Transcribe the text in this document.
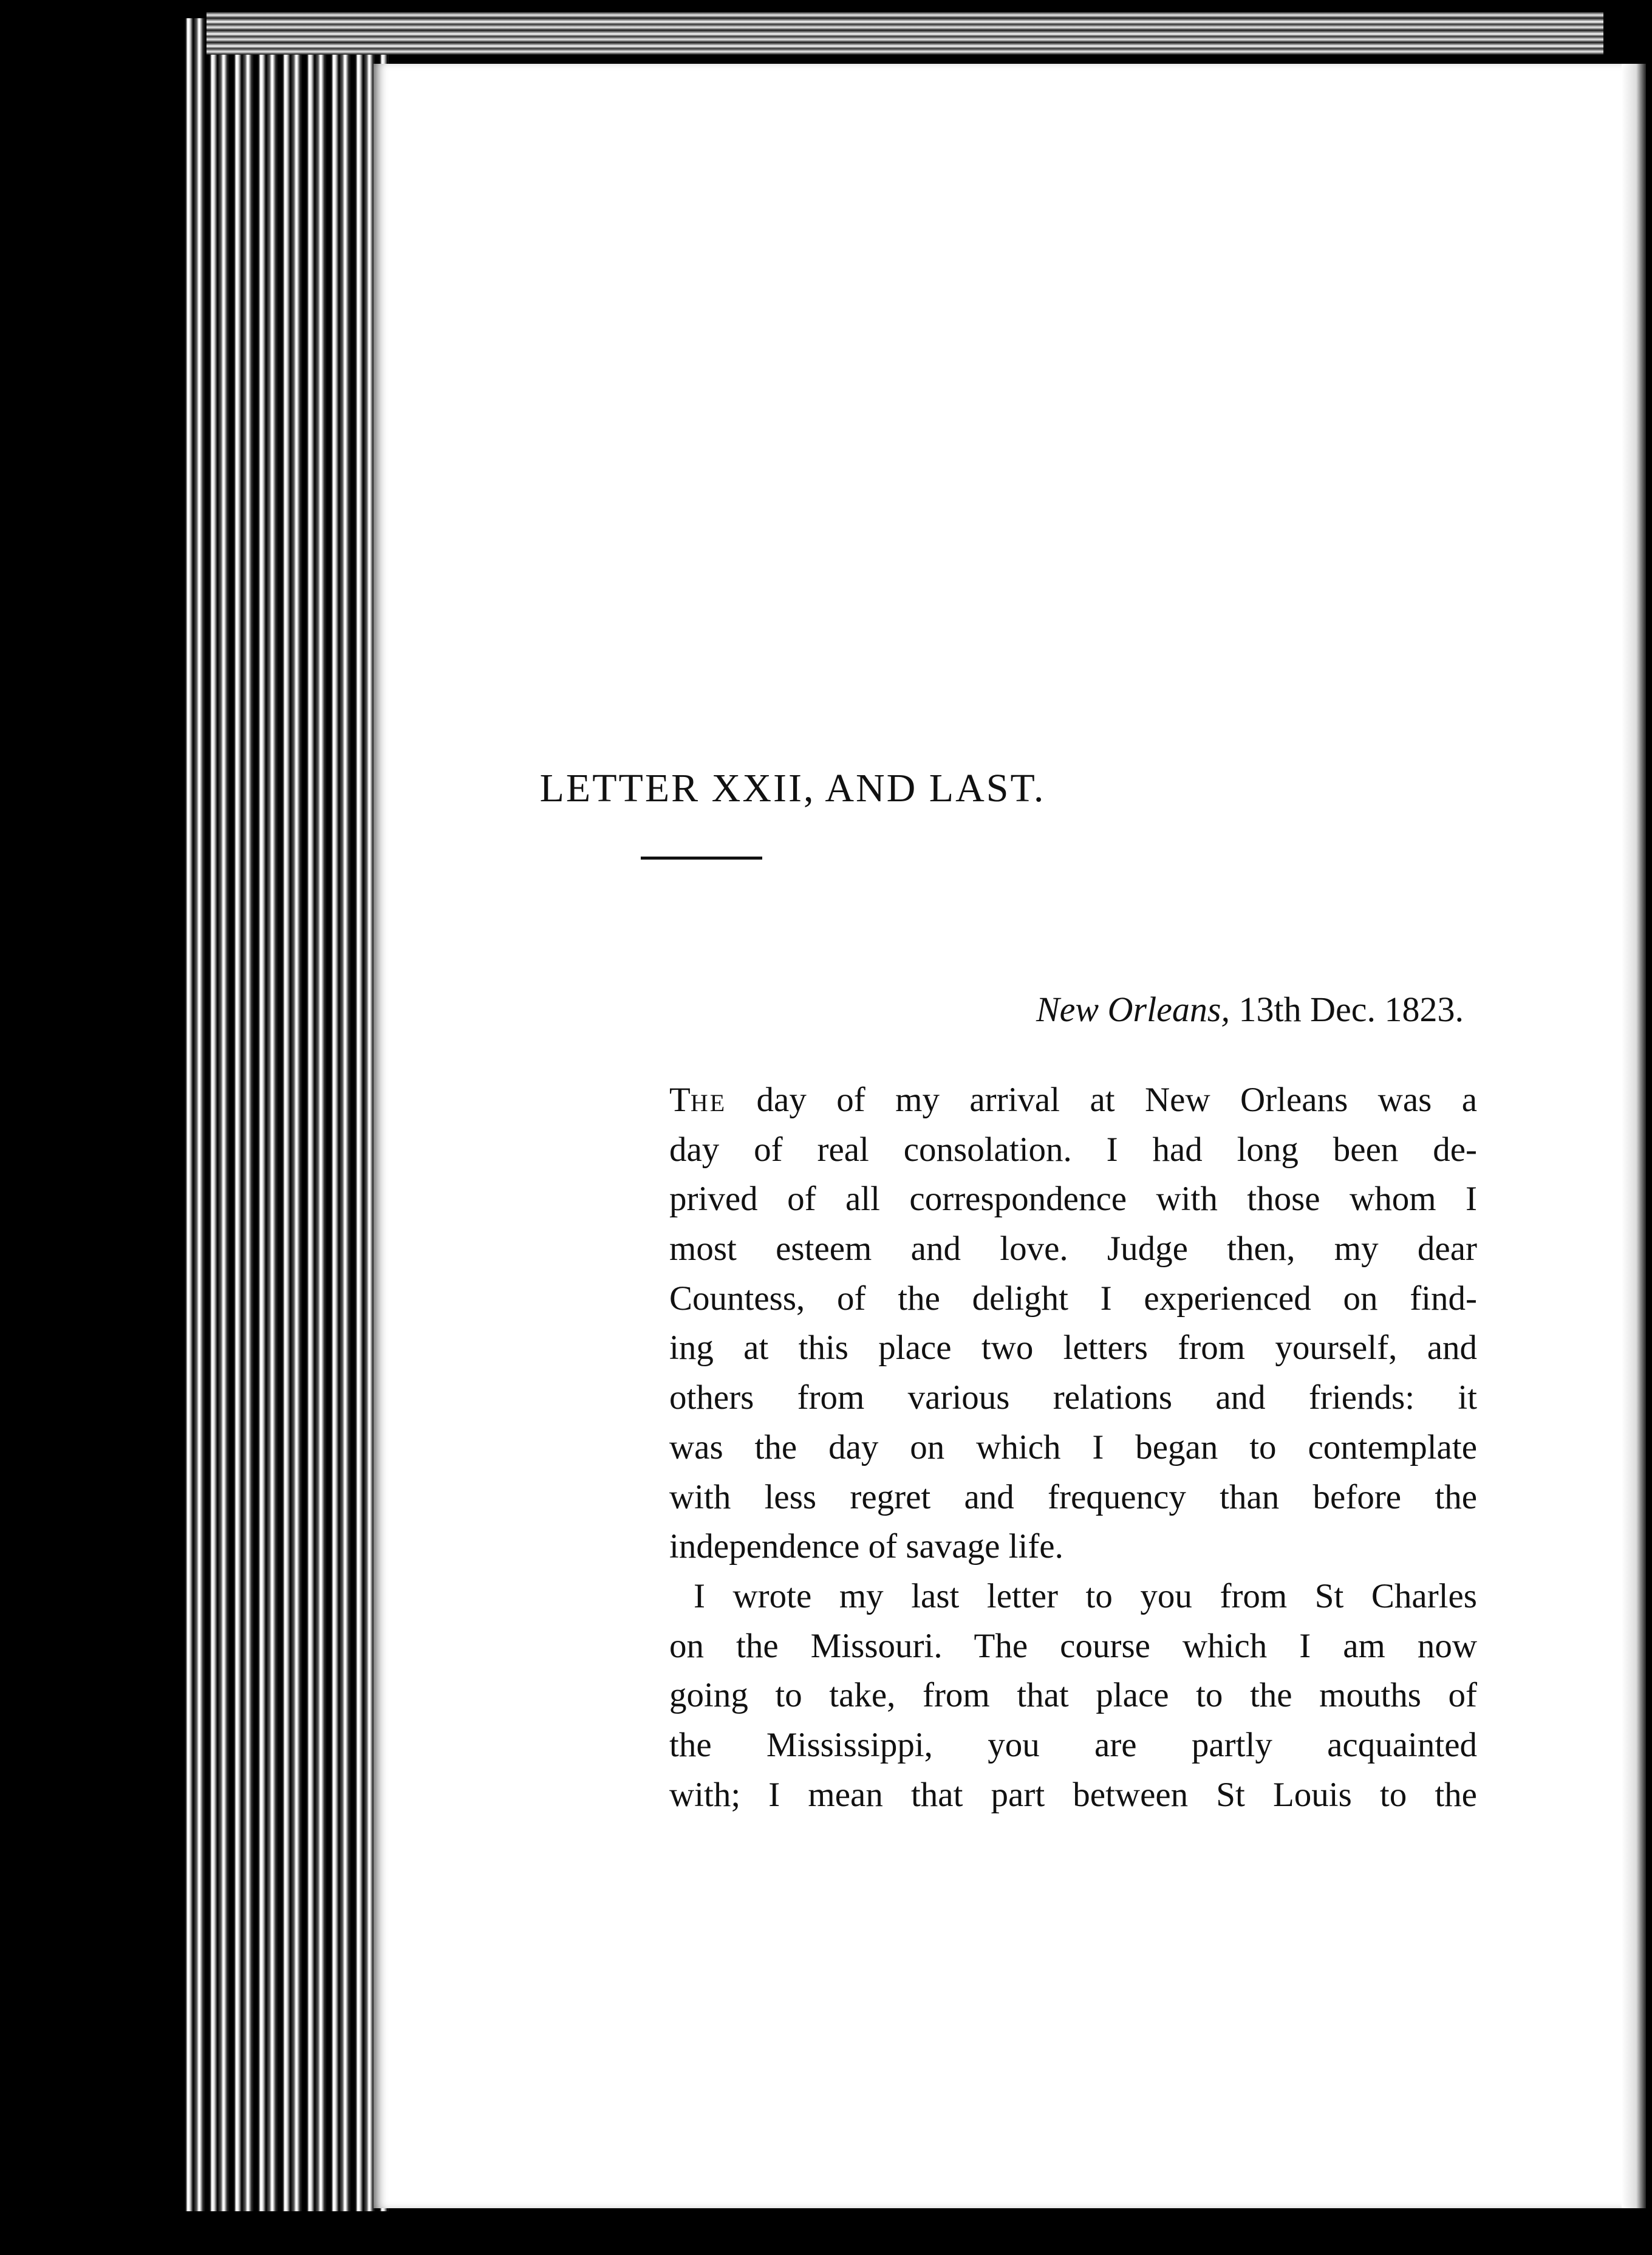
LETTER XXII, AND LAST.

New Orleans, 13th Dec. 1823.

THE day of my arrival at New Orleans was a
day of real consolation. I had long been de-
prived of all correspondence with those whom I
most esteem and love. Judge then, my dear
Countess, of the delight I experienced on find-
ing at this place two letters from yourself, and
others from various relations and friends: it
was the day on which I began to contemplate
with less regret and frequency than before the
independence of savage life.
I wrote my last letter to you from St Charles
on the Missouri. The course which I am now
going to take, from that place to the mouths of
the Mississippi, you are partly acquainted
with; I mean that part between St Louis to the
